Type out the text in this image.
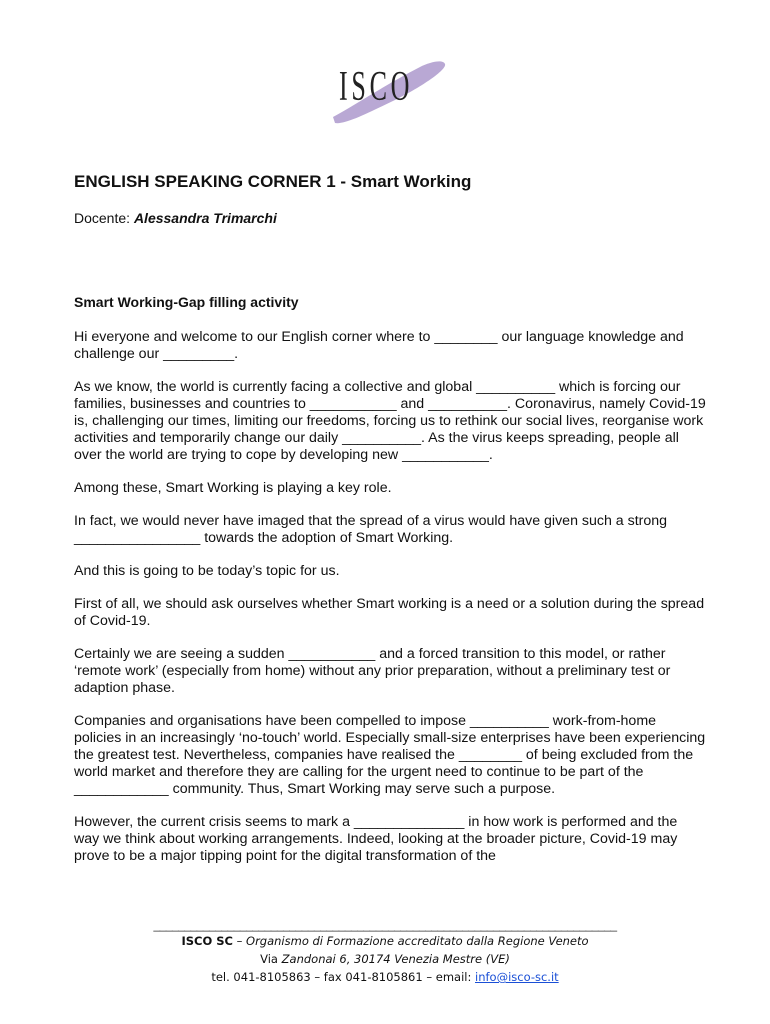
ISCO
ENGLISH SPEAKING CORNER 1 - Smart Working
Docente: Alessandra Trimarchi
Smart Working-Gap filling activity

Hi everyone and welcome to our English corner where to ________ our language knowledge and challenge our _________.

As we know, the world is currently facing a collective and global __________ which is forcing our families, businesses and countries to ___________ and __________. Coronavirus, namely Covid-19 is, challenging our times, limiting our freedoms, forcing us to rethink our social lives, reorganise work activities and temporarily change our daily __________. As the virus keeps spreading, people all over the world are trying to cope by developing new ___________.

Among these, Smart Working is playing a key role.

In fact, we would never have imaged that the spread of a virus would have given such a strong ________________ towards the adoption of Smart Working.

And this is going to be today’s topic for us.

First of all, we should ask ourselves whether Smart working is a need or a solution during the spread of Covid-19.

Certainly we are seeing a sudden ___________ and a forced transition to this model, or rather ‘remote work’ (especially from home) without any prior preparation, without a preliminary test or adaption phase.

Companies and organisations have been compelled to impose __________ work-from-home policies in an increasingly ‘no-touch’ world. Especially small-size enterprises have been experiencing the greatest test. Nevertheless, companies have realised the ________ of being excluded from the world market and therefore they are calling for the urgent need to continue to be part of the ____________ community. Thus, Smart Working may serve such a purpose.

However, the current crisis seems to mark a ______________ in how work is performed and the way we think about working arrangements. Indeed, looking at the broader picture, Covid-19 may prove to be a major tipping point for the digital transformation of the

___________________________________________________________________________
ISCO SC – Organismo di Formazione accreditato dalla Regione Veneto
Via Zandonai 6, 30174 Venezia Mestre (VE)
tel. 041-8105863 – fax 041-8105861 – email: info@isco-sc.it
